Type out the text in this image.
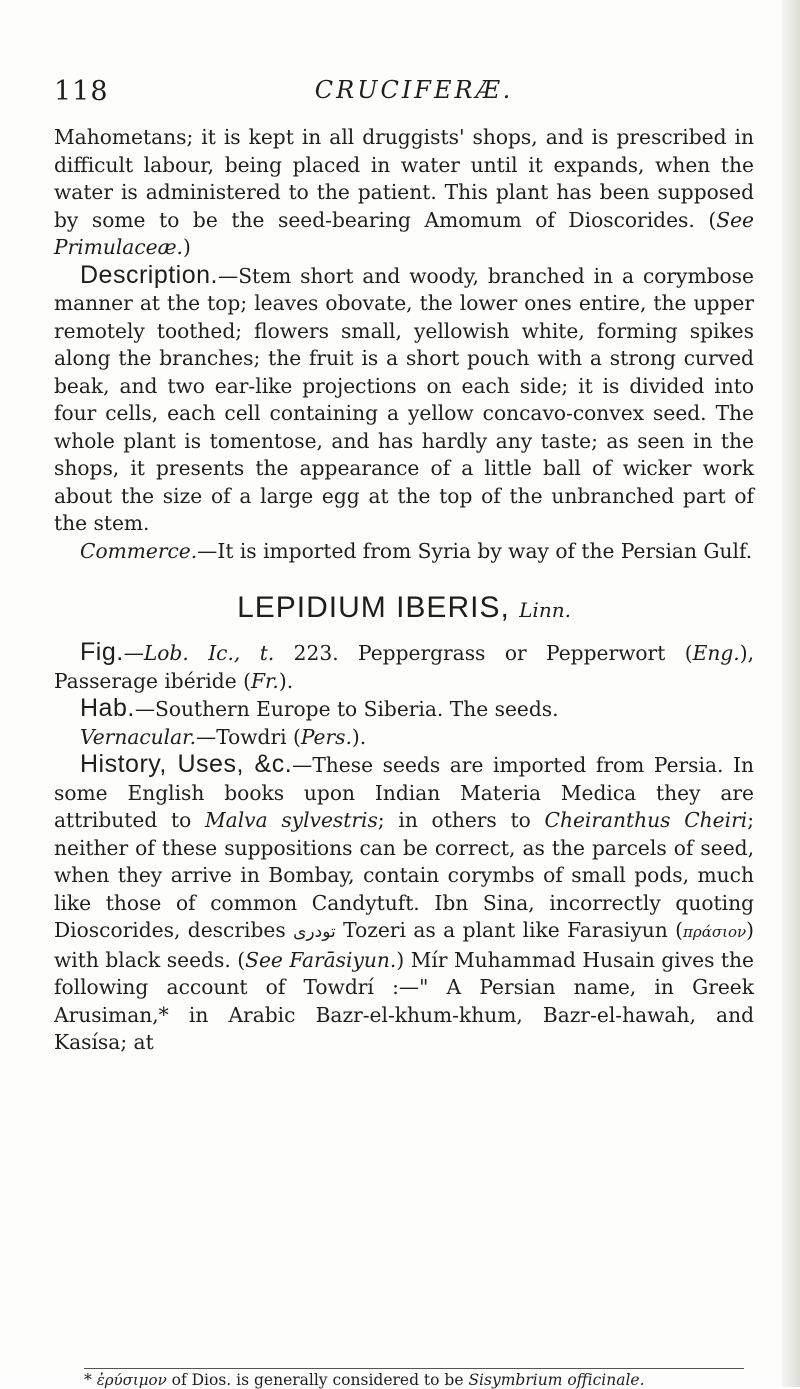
118	CRUCIFERÆ.

Mahometans; it is kept in all druggists' shops, and is prescribed in difficult labour, being placed in water until it expands, when the water is administered to the patient. This plant has been supposed by some to be the seed-bearing Amomum of Dioscorides. (See Primulaceæ.)

Description.—Stem short and woody, branched in a corymbose manner at the top; leaves obovate, the lower ones entire, the upper remotely toothed; flowers small, yellowish white, forming spikes along the branches; the fruit is a short pouch with a strong curved beak, and two ear-like projections on each side; it is divided into four cells, each cell containing a yellow concavo-convex seed. The whole plant is tomentose, and has hardly any taste; as seen in the shops, it presents the appearance of a little ball of wicker work about the size of a large egg at the top of the unbranched part of the stem.

Commerce.—It is imported from Syria by way of the Persian Gulf.

LEPIDIUM IBERIS, Linn.

Fig.—Lob. Ic., t. 223. Peppergrass or Pepperwort (Eng.), Passerage ibéride (Fr.).

Hab.—Southern Europe to Siberia. The seeds.

Vernacular.—Towdri (Pers.).

History, Uses, &c.—These seeds are imported from Persia. In some English books upon Indian Materia Medica they are attributed to Malva sylvestris; in others to Cheiranthus Cheiri; neither of these suppositions can be correct, as the parcels of seed, when they arrive in Bombay, contain corymbs of small pods, much like those of common Candytuft. Ibn Sina, incorrectly quoting Dioscorides, describes تودری Tozeri as a plant like Farasiyun (πράσιον) with black seeds. (See Farāsiyun.) Mír Muhammad Husain gives the following account of Towdrí :—" A Persian name, in Greek Arusiman,* in Arabic Bazr-el-khum-khum, Bazr-el-hawah, and Kasísa; at

* ἐρύσιμον of Dios. is generally considered to be Sisymbrium officinale.
